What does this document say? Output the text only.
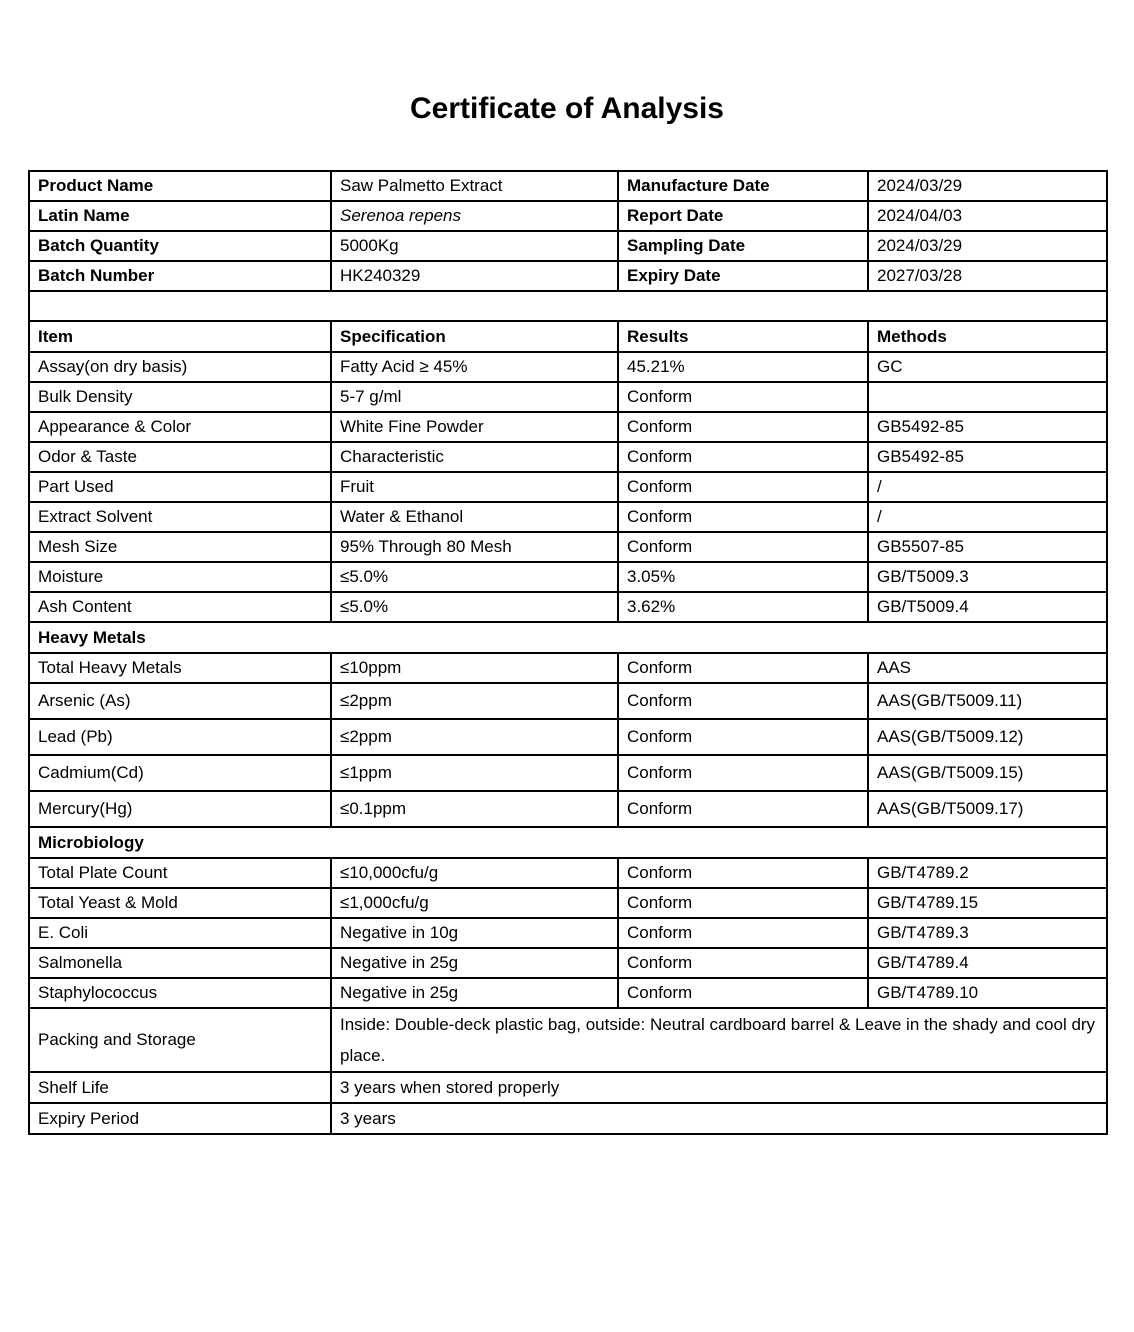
Certificate of Analysis
Product Name	Saw Palmetto Extract	Manufacture Date	2024/03/29
Latin Name	Serenoa repens	Report Date	2024/04/03
Batch Quantity	5000Kg	Sampling Date	2024/03/29
Batch Number	HK240329	Expiry Date	2027/03/28

Item	Specification	Results	Methods
Assay(on dry basis)	Fatty Acid ≥ 45%	45.21%	GC
Bulk Density	5-7 g/ml	Conform	
Appearance & Color	White Fine Powder	Conform	GB5492-85
Odor & Taste	Characteristic	Conform	GB5492-85
Part Used	Fruit	Conform	/
Extract Solvent	Water & Ethanol	Conform	/
Mesh Size	95% Through 80 Mesh	Conform	GB5507-85
Moisture	≤5.0%	3.05%	GB/T5009.3
Ash Content	≤5.0%	3.62%	GB/T5009.4
Heavy Metals			
Total Heavy Metals	≤10ppm	Conform	AAS
Arsenic (As)	≤2ppm	Conform	AAS(GB/T5009.11)
Lead (Pb)	≤2ppm	Conform	AAS(GB/T5009.12)
Cadmium(Cd)	≤1ppm	Conform	AAS(GB/T5009.15)
Mercury(Hg)	≤0.1ppm	Conform	AAS(GB/T5009.17)
Microbiology			
Total Plate Count	≤10,000cfu/g	Conform	GB/T4789.2
Total Yeast & Mold	≤1,000cfu/g	Conform	GB/T4789.15
E. Coli	Negative in 10g	Conform	GB/T4789.3
Salmonella	Negative in 25g	Conform	GB/T4789.4
Staphylococcus	Negative in 25g	Conform	GB/T4789.10
Packing and Storage	Inside: Double-deck plastic bag, outside: Neutral cardboard barrel & Leave in the shady and cool dry place.		
Shelf Life	3 years when stored properly		
Expiry Period	3 years		
